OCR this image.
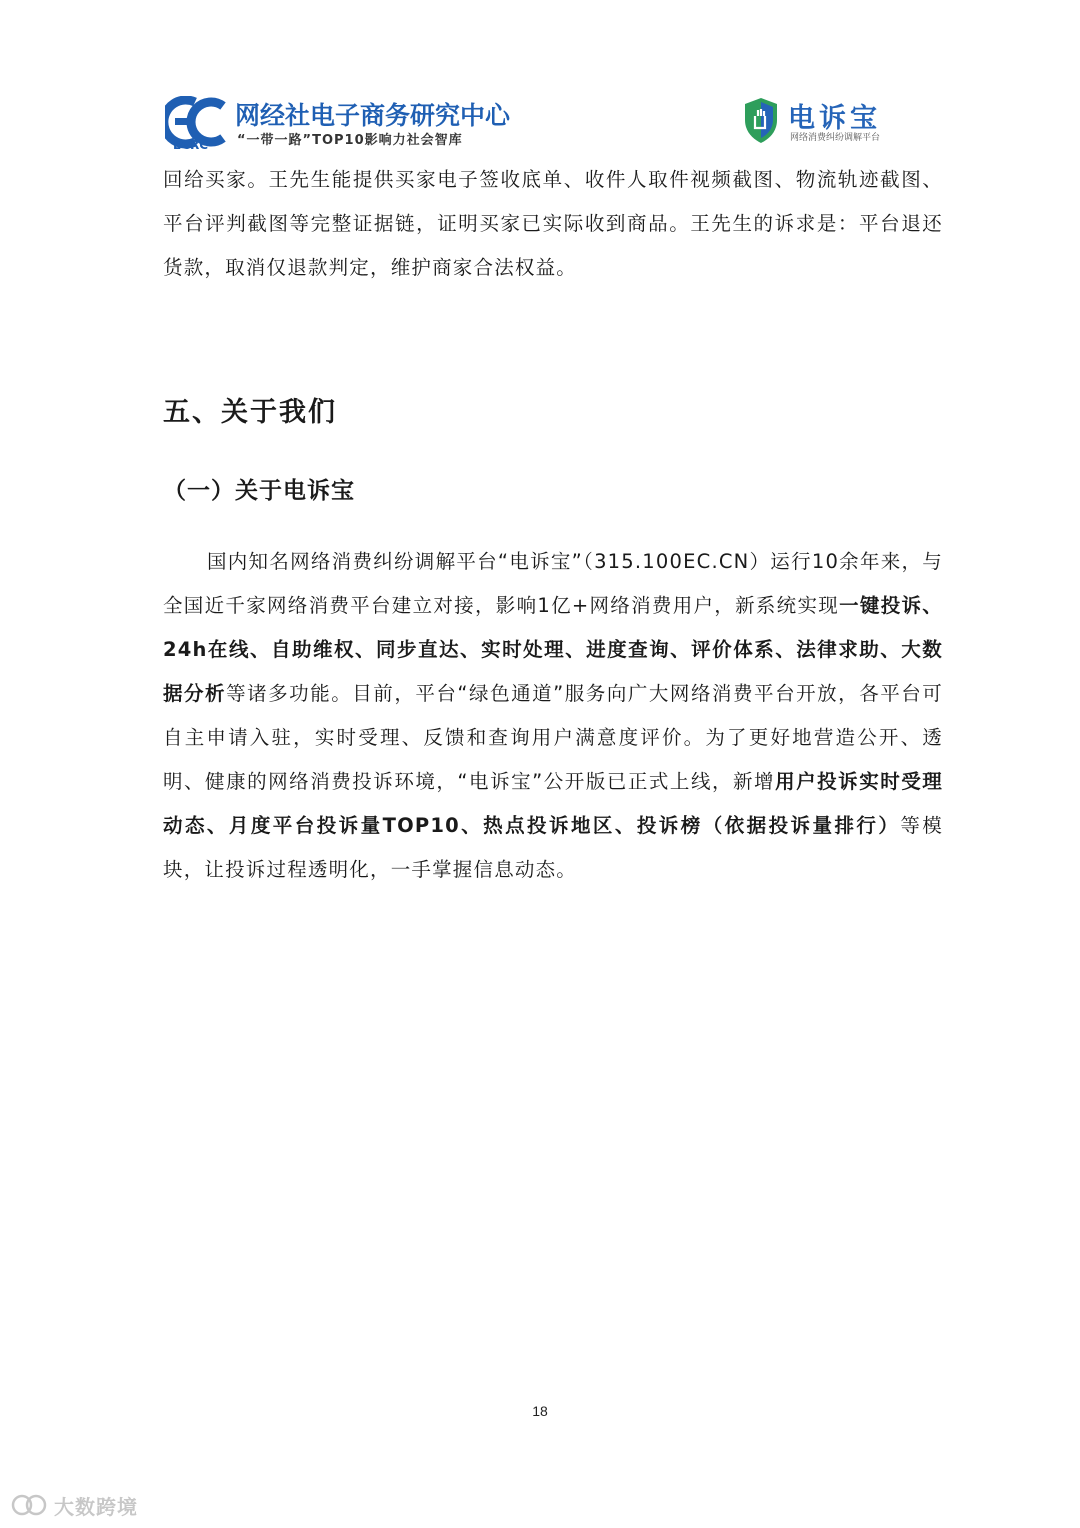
网经社电子商务研究中心
“一带一路”TOP10影响力社会智库
ECRC
电诉宝
网络消费纠纷调解平台

回给买家。王先生能提供买家电子签收底单、收件人取件视频截图、物流轨迹截图、平台评判截图等完整证据链，证明买家已实际收到商品。王先生的诉求是：平台退还货款，取消仅退款判定，维护商家合法权益。

五、关于我们
（一）关于电诉宝

国内知名网络消费纠纷调解平台“电诉宝”（315.100EC.CN）运行10余年来，与全国近千家网络消费平台建立对接，影响1亿+网络消费用户，新系统实现一键投诉、24h在线、自助维权、同步直达、实时处理、进度查询、评价体系、法律求助、大数据分析等诸多功能。目前，平台“绿色通道”服务向广大网络消费平台开放，各平台可自主申请入驻，实时受理、反馈和查询用户满意度评价。为了更好地营造公开、透明、健康的网络消费投诉环境，“电诉宝”公开版已正式上线，新增用户投诉实时受理动态、月度平台投诉量TOP10、热点投诉地区、投诉榜（依据投诉量排行）等模块，让投诉过程透明化，一手掌握信息动态。

18
大数跨境
